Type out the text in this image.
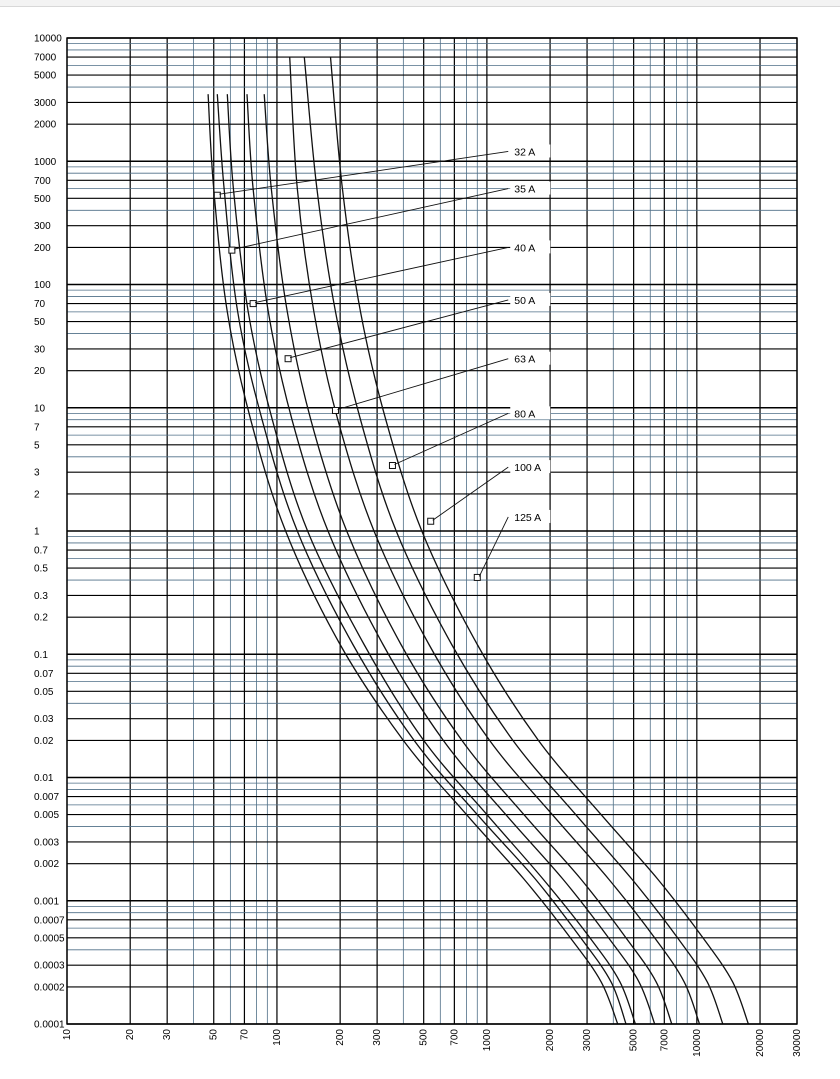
32 A
35 A
40 A
50 A
63 A
80 A
100 A
125 A
10000
7000
5000
3000
2000
1000
700
500
300
200
100
70
50
30
20
10
7
5
3
2
1
0.7
0.5
0.3
0.2
0.1
0.07
0.05
0.03
0.02
0.01
0.007
0.005
0.003
0.002
0.001
0.0007
0.0005
0.0003
0.0002
0.0001
10	20	30	50 70 100	200	300	500 700 1000	2000	3000	5000 7000 10000	20000	30000
